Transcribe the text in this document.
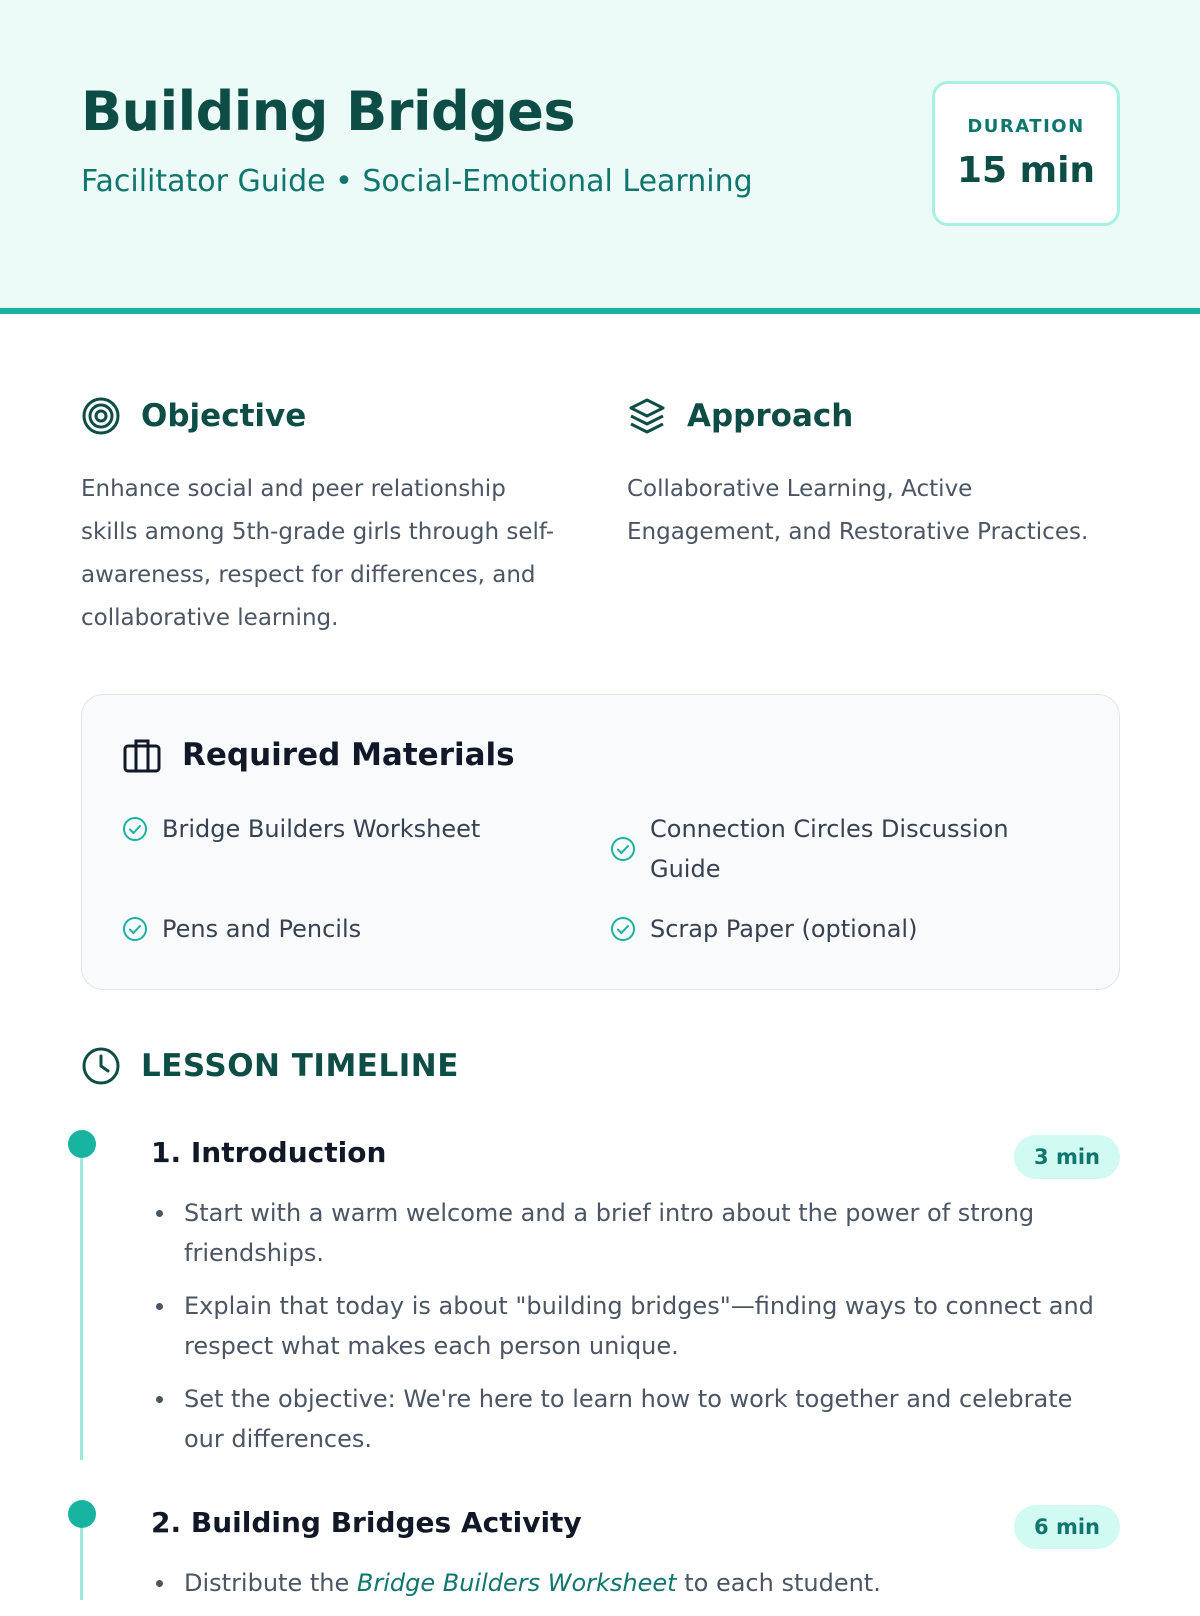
Building Bridges
Facilitator Guide • Social-Emotional Learning
DURATION
15 min
Objective
Enhance social and peer relationship skills among 5th-grade girls through self-awareness, respect for differences, and collaborative learning.
Approach
Collaborative Learning, Active Engagement, and Restorative Practices.
Required Materials
Bridge Builders Worksheet	Connection Circles Discussion Guide
Pens and Pencils	Scrap Paper (optional)
LESSON TIMELINE
1. Introduction	3 min
Start with a warm welcome and a brief intro about the power of strong friendships.
Explain that today is about "building bridges"—finding ways to connect and respect what makes each person unique.
Set the objective: We're here to learn how to work together and celebrate our differences.
2. Building Bridges Activity	6 min
Distribute the Bridge Builders Worksheet to each student.
